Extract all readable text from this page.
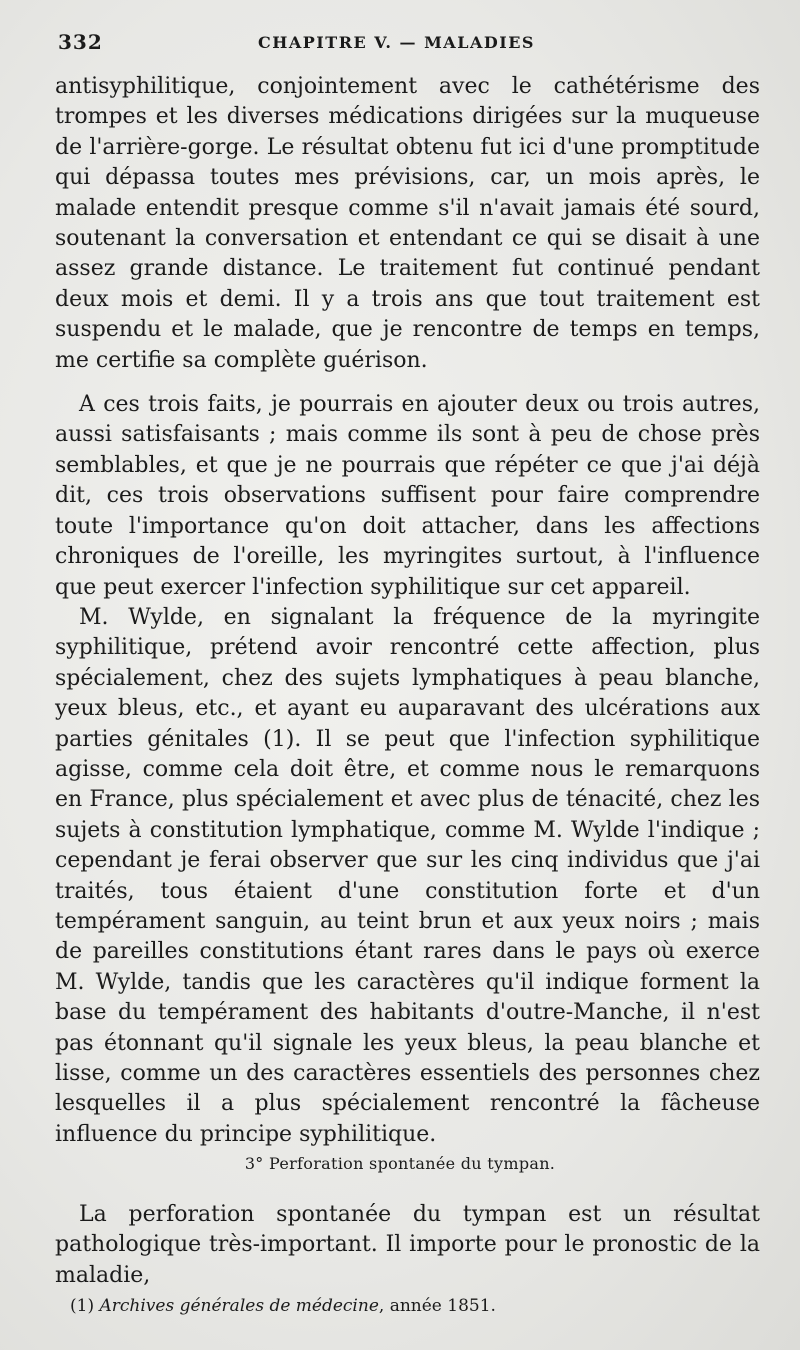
332	CHAPITRE V. — MALADIES

antisyphilitique, conjointement avec le cathétérisme des trompes et les diverses médications dirigées sur la muqueuse de l'arrière-gorge. Le résultat obtenu fut ici d'une promptitude qui dépassa toutes mes prévisions, car, un mois après, le malade entendit presque comme s'il n'avait jamais été sourd, soutenant la conversation et entendant ce qui se disait à une assez grande distance. Le traitement fut continué pendant deux mois et demi. Il y a trois ans que tout traitement est suspendu et le malade, que je rencontre de temps en temps, me certifie sa complète guérison.

A ces trois faits, je pourrais en ajouter deux ou trois autres, aussi satisfaisants ; mais comme ils sont à peu de chose près semblables, et que je ne pourrais que répéter ce que j'ai déjà dit, ces trois observations suffisent pour faire comprendre toute l'importance qu'on doit attacher, dans les affections chroniques de l'oreille, les myringites surtout, à l'influence que peut exercer l'infection syphilitique sur cet appareil.

M. Wylde, en signalant la fréquence de la myringite syphilitique, prétend avoir rencontré cette affection, plus spécialement, chez des sujets lymphatiques à peau blanche, yeux bleus, etc., et ayant eu auparavant des ulcérations aux parties génitales (1). Il se peut que l'infection syphilitique agisse, comme cela doit être, et comme nous le remarquons en France, plus spécialement et avec plus de ténacité, chez les sujets à constitution lymphatique, comme M. Wylde l'indique ; cependant je ferai observer que sur les cinq individus que j'ai traités, tous étaient d'une constitution forte et d'un tempérament sanguin, au teint brun et aux yeux noirs ; mais de pareilles constitutions étant rares dans le pays où exerce M. Wylde, tandis que les caractères qu'il indique forment la base du tempérament des habitants d'outre-Manche, il n'est pas étonnant qu'il signale les yeux bleus, la peau blanche et lisse, comme un des caractères essentiels des personnes chez lesquelles il a plus spécialement rencontré la fâcheuse influence du principe syphilitique.

3° Perforation spontanée du tympan.

La perforation spontanée du tympan est un résultat pathologique très-important. Il importe pour le pronostic de la maladie,

(1) Archives générales de médecine, année 1851.
